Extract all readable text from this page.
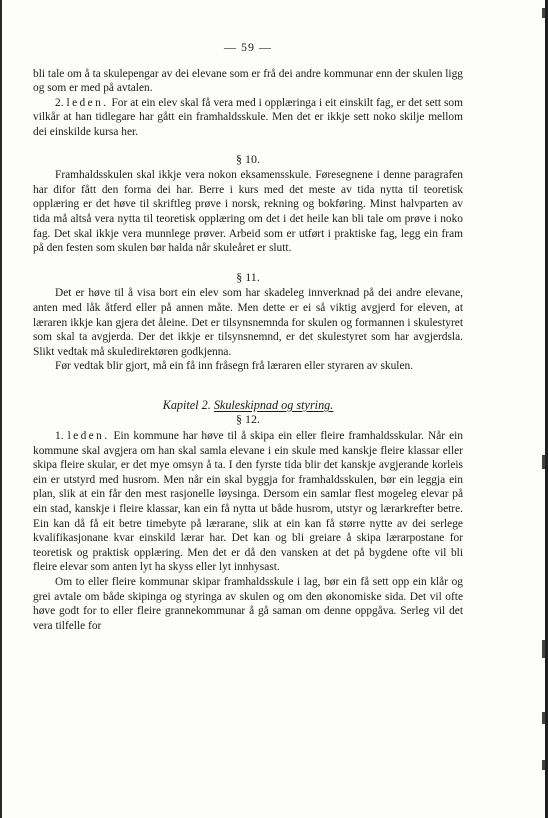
— 59 —

bli tale om å ta skulepengar av dei elevane som er frå dei andre kommunar enn der skulen ligg og som er med på avtalen.

2. leden. For at ein elev skal få vera med i opplæringa i eit einskilt fag, er det sett som vilkår at han tidlegare har gått ein framhaldsskule. Men det er ikkje sett noko skilje mellom dei einskilde kursa her.

§ 10.

Framhaldsskulen skal ikkje vera nokon eksamensskule. Føresegnene i denne paragrafen har difor fått den forma dei har. Berre i kurs med det meste av tida nytta til teoretisk opplæring er det høve til skriftleg prøve i norsk, rekning og bokføring. Minst halvparten av tida må altså vera nytta til teoretisk opplæring om det i det heile kan bli tale om prøve i noko fag. Det skal ikkje vera munnlege prøver. Arbeid som er utført i praktiske fag, legg ein fram på den festen som skulen bør halda når skuleåret er slutt.

§ 11.

Det er høve til å visa bort ein elev som har skadeleg innverknad på dei andre elevane, anten med låk åtferd eller på annen måte. Men dette er ei så viktig avgjerd for eleven, at læraren ikkje kan gjera det åleine. Det er tilsynsnemnda for skulen og formannen i skulestyret som skal ta avgjerda. Der det ikkje er tilsynsnemnd, er det skulestyret som har avgjerdsla. Slikt vedtak må skuledirektøren godkjenna.

Før vedtak blir gjort, må ein få inn fråsegn frå læraren eller styraren av skulen.

Kapitel 2. Skuleskipnad og styring.
§ 12.

1. leden. Ein kommune har høve til å skipa ein eller fleire framhaldsskular. Når ein kommune skal avgjera om han skal samla elevane i ein skule med kanskje fleire klassar eller skipa fleire skular, er det mye omsyn å ta. I den fyrste tida blir det kanskje avgjerande korleis ein er utstyrd med husrom. Men når ein skal byggja for framhaldsskulen, bør ein leggja ein plan, slik at ein får den mest rasjonelle løysinga. Dersom ein samlar flest mogeleg elevar på ein stad, kanskje i fleire klassar, kan ein få nytta ut både husrom, utstyr og lærarkrefter betre. Ein kan då få eit betre timebyte på lærarane, slik at ein kan få større nytte av dei serlege kvalifikasjonane kvar einskild lærar har. Det kan og bli greiare å skipa lærarpostane for teoretisk og praktisk opplæring. Men det er då den vansken at det på bygdene ofte vil bli fleire elevar som anten lyt ha skyss eller lyt innhysast.

Om to eller fleire kommunar skipar framhaldsskule i lag, bør ein få sett opp ein klår og grei avtale om både skipinga og styringa av skulen og om den økonomiske sida. Det vil ofte høve godt for to eller fleire grannekommunar å gå saman om denne oppgåva. Serleg vil det vera tilfelle for
